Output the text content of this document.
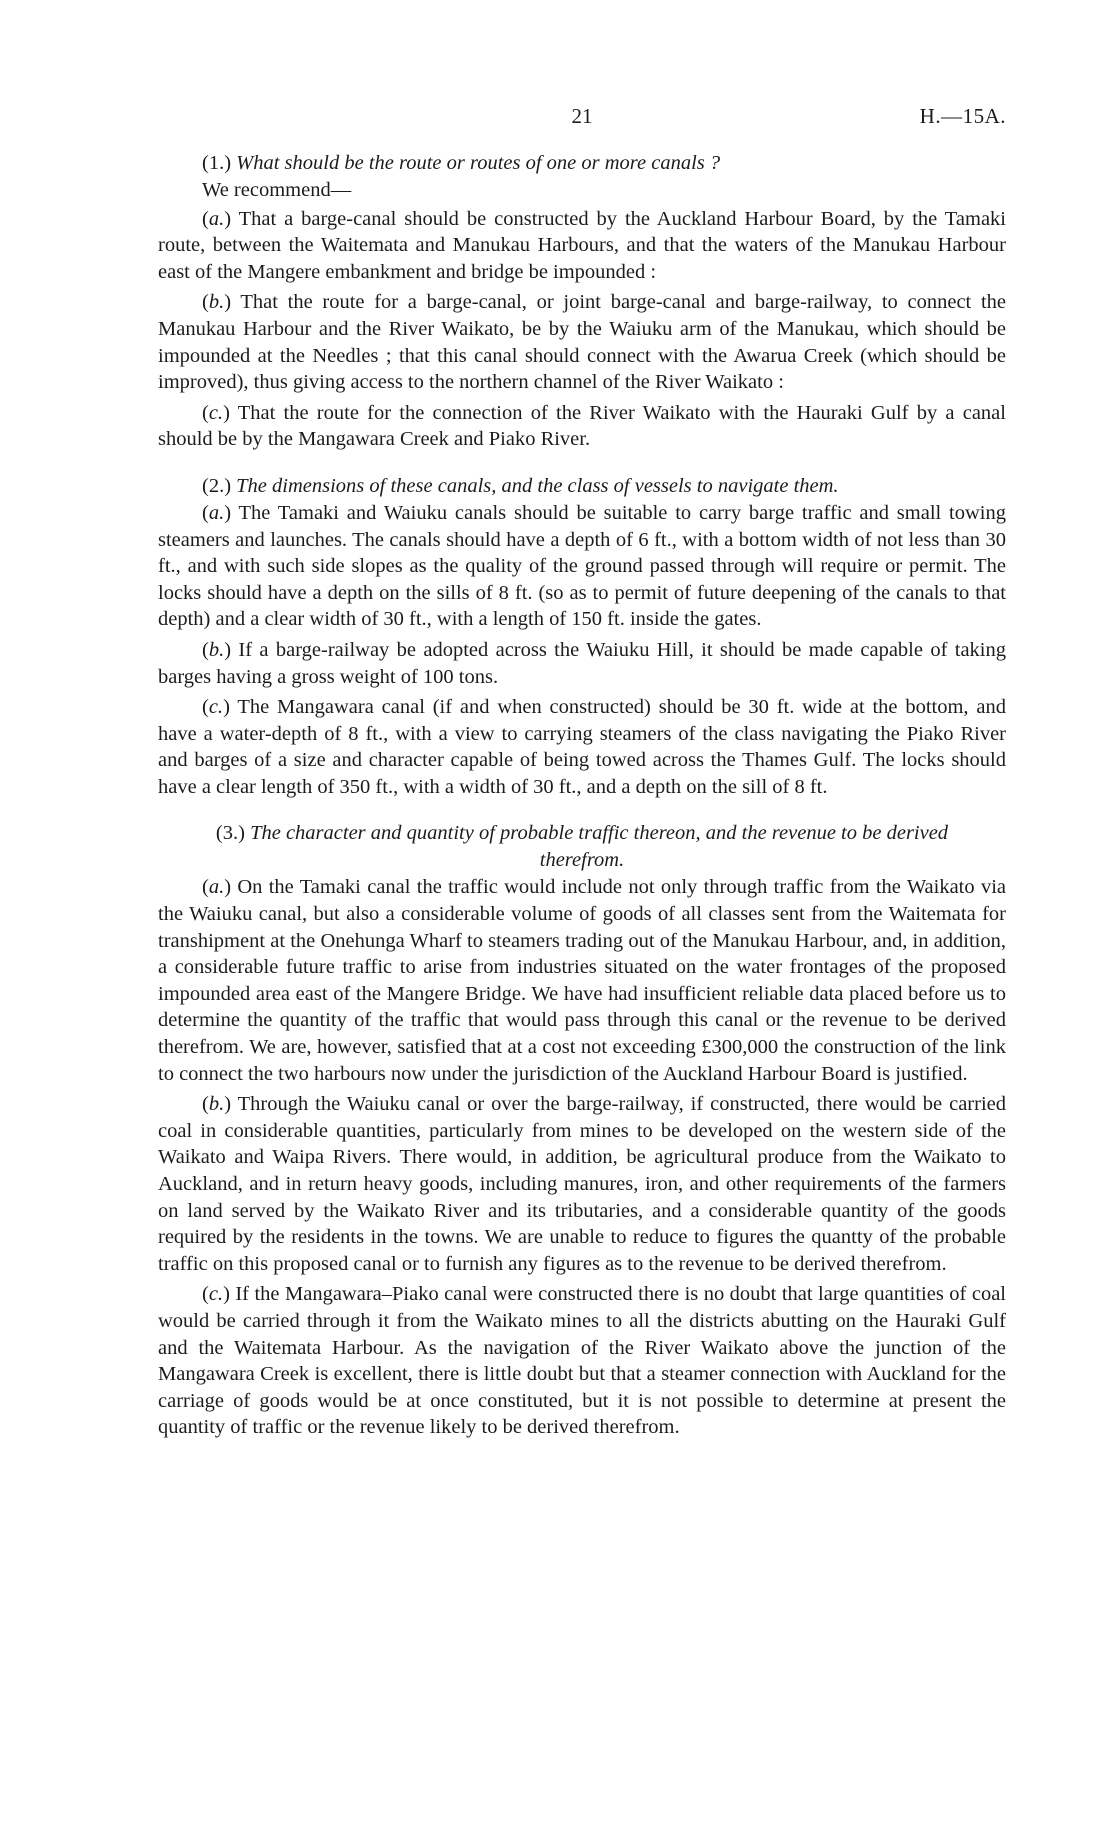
21	H.—15A.

(1.) What should be the route or routes of one or more canals ?

We recommend—

(a.) That a barge-canal should be constructed by the Auckland Harbour Board, by the Tamaki route, between the Waitemata and Manukau Harbours, and that the waters of the Manukau Harbour east of the Mangere embankment and bridge be impounded :

(b.) That the route for a barge-canal, or joint barge-canal and barge-railway, to connect the Manukau Harbour and the River Waikato, be by the Waiuku arm of the Manukau, which should be impounded at the Needles ; that this canal should connect with the Awarua Creek (which should be improved), thus giving access to the northern channel of the River Waikato :

(c.) That the route for the connection of the River Waikato with the Hauraki Gulf by a canal should be by the Mangawara Creek and Piako River.

(2.) The dimensions of these canals, and the class of vessels to navigate them.

(a.) The Tamaki and Waiuku canals should be suitable to carry barge traffic and small towing steamers and launches. The canals should have a depth of 6 ft., with a bottom width of not less than 30 ft., and with such side slopes as the quality of the ground passed through will require or permit. The locks should have a depth on the sills of 8 ft. (so as to permit of future deepening of the canals to that depth) and a clear width of 30 ft., with a length of 150 ft. inside the gates.

(b.) If a barge-railway be adopted across the Waiuku Hill, it should be made capable of taking barges having a gross weight of 100 tons.

(c.) The Mangawara canal (if and when constructed) should be 30 ft. wide at the bottom, and have a water-depth of 8 ft., with a view to carrying steamers of the class navigating the Piako River and barges of a size and character capable of being towed across the Thames Gulf. The locks should have a clear length of 350 ft., with a width of 30 ft., and a depth on the sill of 8 ft.

(3.) The character and quantity of probable traffic thereon, and the revenue to be derived
therefrom.

(a.) On the Tamaki canal the traffic would include not only through traffic from the Waikato via the Waiuku canal, but also a considerable volume of goods of all classes sent from the Waitemata for transhipment at the Onehunga Wharf to steamers trading out of the Manukau Harbour, and, in addition, a considerable future traffic to arise from industries situated on the water frontages of the proposed impounded area east of the Mangere Bridge. We have had insufficient reliable data placed before us to determine the quantity of the traffic that would pass through this canal or the revenue to be derived therefrom. We are, however, satisfied that at a cost not exceeding £300,000 the construction of the link to connect the two harbours now under the jurisdiction of the Auckland Harbour Board is justified.

(b.) Through the Waiuku canal or over the barge-railway, if constructed, there would be carried coal in considerable quantities, particularly from mines to be developed on the western side of the Waikato and Waipa Rivers. There would, in addition, be agricultural produce from the Waikato to Auckland, and in return heavy goods, including manures, iron, and other requirements of the farmers on land served by the Waikato River and its tributaries, and a considerable quantity of the goods required by the residents in the towns. We are unable to reduce to figures the quantty of the probable traffic on this proposed canal or to furnish any figures as to the revenue to be derived therefrom.

(c.) If the Mangawara–Piako canal were constructed there is no doubt that large quantities of coal would be carried through it from the Waikato mines to all the districts abutting on the Hauraki Gulf and the Waitemata Harbour. As the navigation of the River Waikato above the junction of the Mangawara Creek is excellent, there is little doubt but that a steamer connection with Auckland for the carriage of goods would be at once constituted, but it is not possible to determine at present the quantity of traffic or the revenue likely to be derived therefrom.
